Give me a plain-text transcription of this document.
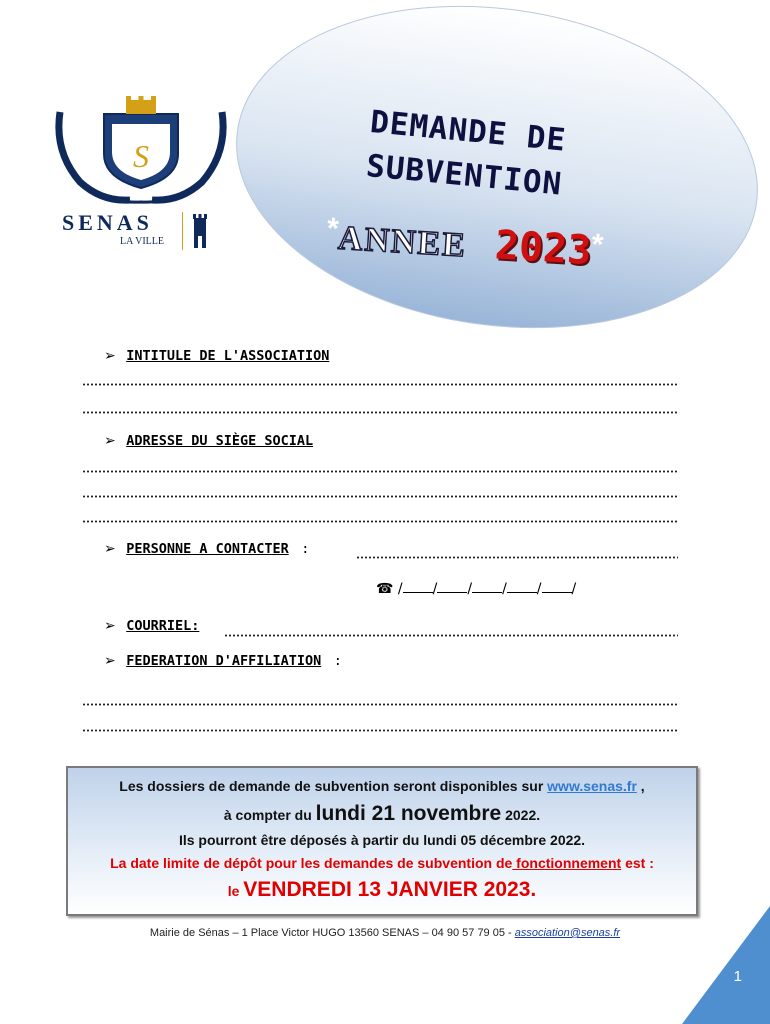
S
SENAS
LA VILLE
DEMANDE DE
SUBVENTION
*ANNEE 2023*
➢ INTITULE DE L'ASSOCIATION
➢ ADRESSE DU SIÈGE SOCIAL
➢ PERSONNE A CONTACTER :
☎ / / / / / /
➢ COURRIEL:
➢ FEDERATION D'AFFILIATION :
Les dossiers de demande de subvention seront disponibles sur www.senas.fr ,
à compter du lundi 21 novembre 2022.
Ils pourront être déposés à partir du lundi 05 décembre 2022.
La date limite de dépôt pour les demandes de subvention de fonctionnement est :
le VENDREDI 13 JANVIER 2023.
Mairie de Sénas – 1 Place Victor HUGO 13560 SENAS – 04 90 57 79 05 - association@senas.fr
1
